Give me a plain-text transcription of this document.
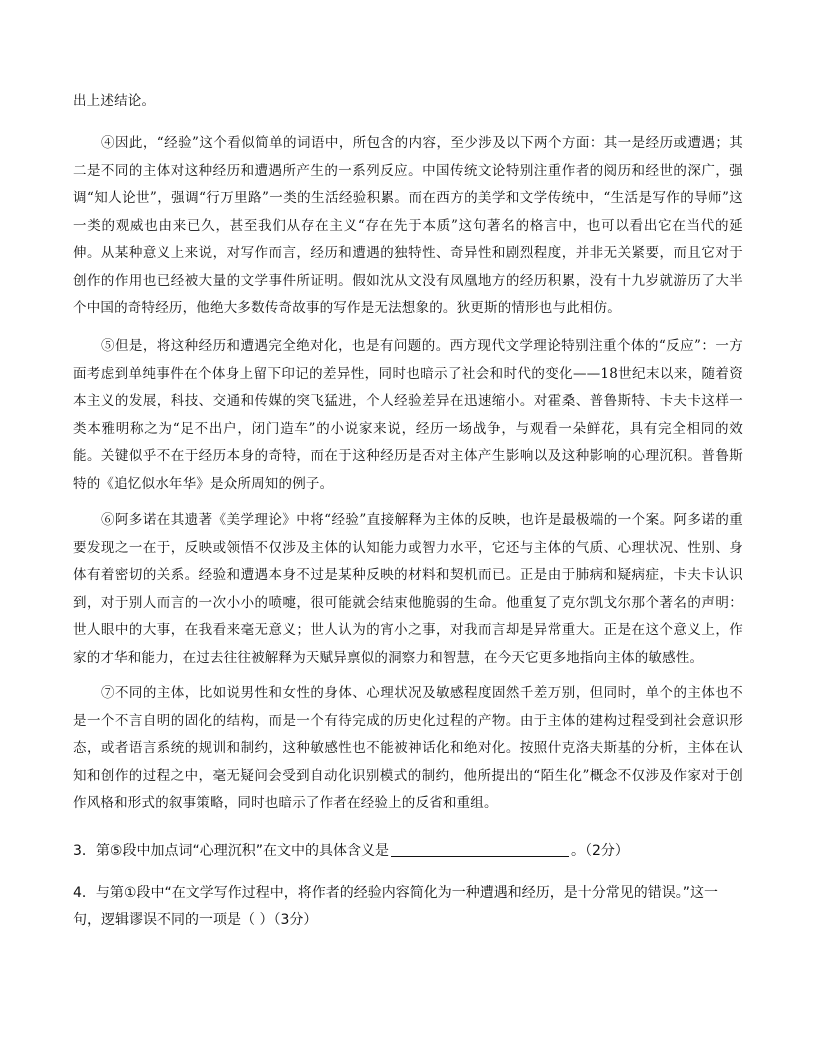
出上述结论。

④因此，“经验”这个看似简单的词语中，所包含的内容，至少涉及以下两个方面：其一是经历或遭遇；其二是不同的主体对这种经历和遭遇所产生的一系列反应。中国传统文论特别注重作者的阅历和经世的深广，强调“知人论世”，强调“行万里路”一类的生活经验积累。而在西方的美学和文学传统中，“生活是写作的导师”这一类的观威也由来已久，甚至我们从存在主义“存在先于本质”这句著名的格言中，也可以看出它在当代的延伸。从某种意义上来说，对写作而言，经历和遭遇的独特性、奇异性和剧烈程度，并非无关紧要，而且它对于创作的作用也已经被大量的文学事件所证明。假如沈从文没有凤凰地方的经历积累，没有十九岁就游历了大半个中国的奇特经历，他绝大多数传奇故事的写作是无法想象的。狄更斯的情形也与此相仿。

⑤但是，将这种经历和遭遇完全绝对化，也是有问题的。西方现代文学理论特别注重个体的“反应”：一方面考虑到单纯事件在个体身上留下印记的差异性，同时也暗示了社会和时代的变化——18世纪末以来，随着资本主义的发展，科技、交通和传媒的突飞猛进，个人经验差异在迅速缩小。对霍桑、普鲁斯特、卡夫卡这样一类本雅明称之为“足不出户，闭门造车”的小说家来说，经历一场战争，与观看一朵鲜花，具有完全相同的效能。关键似乎不在于经历本身的奇特，而在于这种经历是否对主体产生影响以及这种影响的心理沉积。普鲁斯特的《追忆似水年华》是众所周知的例子。

⑥阿多诺在其遗著《美学理论》中将“经验”直接解释为主体的反映，也许是最极端的一个案。阿多诺的重要发现之一在于，反映或领悟不仅涉及主体的认知能力或智力水平，它还与主体的气质、心理状况、性别、身体有着密切的关系。经验和遭遇本身不过是某种反映的材料和契机而已。正是由于肺病和疑病症，卡夫卡认识到，对于别人而言的一次小小的喷嚏，很可能就会结束他脆弱的生命。他重复了克尔凯戈尔那个著名的声明：世人眼中的大事，在我看来毫无意义；世人认为的宵小之事，对我而言却是异常重大。正是在这个意义上，作家的才华和能力，在过去往往被解释为天赋异禀似的洞察力和智慧，在今天它更多地指向主体的敏感性。

⑦不同的主体，比如说男性和女性的身体、心理状况及敏感程度固然千差万别，但同时，单个的主体也不是一个不言自明的固化的结构，而是一个有待完成的历史化过程的产物。由于主体的建构过程受到社会意识形态，或者语言系统的规训和制约，这种敏感性也不能被神话化和绝对化。按照什克洛夫斯基的分析，主体在认知和创作的过程之中，毫无疑问会受到自动化识别模式的制约，他所提出的“陌生化”概念不仅涉及作家对于创作风格和形式的叙事策略，同时也暗示了作者在经验上的反省和重组。

3．第⑤段中加点词“心理沉积”在文中的具体含义是	。（2分）

4．与第①段中“在文学写作过程中，将作者的经验内容简化为一种遭遇和经历，是十分常见的错误。”这一句，逻辑谬误不同的一项是（ ）（3分）
